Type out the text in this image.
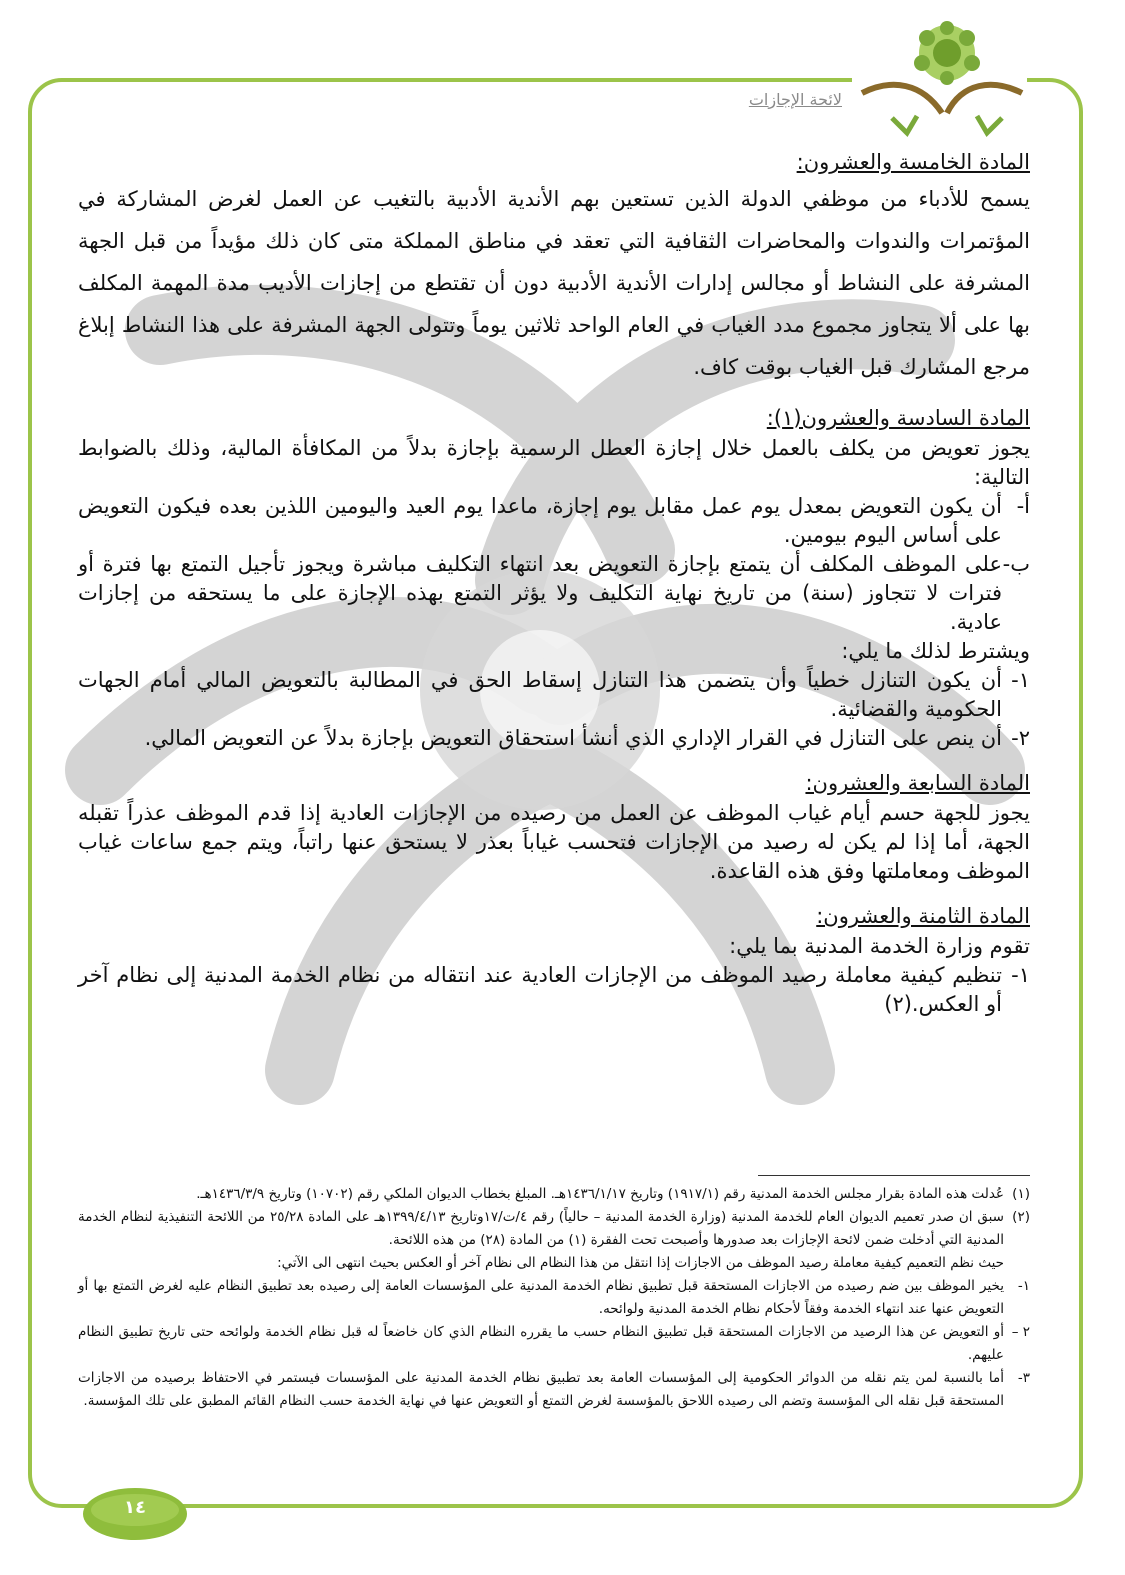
لائحة الإجازات

المادة الخامسة والعشرون:

يسمح للأدباء من موظفي الدولة الذين تستعين بهم الأندية الأدبية بالتغيب عن العمل لغرض المشاركة في المؤتمرات والندوات والمحاضرات الثقافية التي تعقد في مناطق المملكة متى كان ذلك مؤيداً من قبل الجهة المشرفة على النشاط أو مجالس إدارات الأندية الأدبية دون أن تقتطع من إجازات الأديب مدة المهمة المكلف بها على ألا يتجاوز مجموع مدد الغياب في العام الواحد ثلاثين يوماً وتتولى الجهة المشرفة على هذا النشاط إبلاغ مرجع المشارك قبل الغياب بوقت كاف.

المادة السادسة والعشرون(١):

يجوز تعويض من يكلف بالعمل خلال إجازة العطل الرسمية بإجازة بدلاً من المكافأة المالية، وذلك بالضوابط التالية:

أ-
أن يكون التعويض بمعدل يوم عمل مقابل يوم إجازة، ماعدا يوم العيد واليومين اللذين بعده فيكون التعويض على أساس اليوم بيومين.
ب-
على الموظف المكلف أن يتمتع بإجازة التعويض بعد انتهاء التكليف مباشرة ويجوز تأجيل التمتع بها فترة أو فترات لا تتجاوز (سنة) من تاريخ نهاية التكليف ولا يؤثر التمتع بهذه الإجازة على ما يستحقه من إجازات عادية.

ويشترط لذلك ما يلي:

١-
أن يكون التنازل خطياً وأن يتضمن هذا التنازل إسقاط الحق في المطالبة بالتعويض المالي أمام الجهات الحكومية والقضائية.
٢-
أن ينص على التنازل في القرار الإداري الذي أنشأ استحقاق التعويض بإجازة بدلاً عن التعويض المالي.

المادة السابعة والعشرون:

يجوز للجهة حسم أيام غياب الموظف عن العمل من رصيده من الإجازات العادية إذا قدم الموظف عذراً تقبله الجهة، أما إذا لم يكن له رصيد من الإجازات فتحسب غياباً بعذر لا يستحق عنها راتباً، ويتم جمع ساعات غياب الموظف ومعاملتها وفق هذه القاعدة.

المادة الثامنة والعشرون:

تقوم وزارة الخدمة المدنية بما يلي:

١-
تنظيم كيفية معاملة رصيد الموظف من الإجازات العادية عند انتقاله من نظام الخدمة المدنية إلى نظام آخر أو العكس.(٢)
(١)
عُدلت هذه المادة بقرار مجلس الخدمة المدنية رقم (١٩١٧/١) وتاريخ ١٤٣٦/١/١٧هـ. المبلغ بخطاب الديوان الملكي رقم (١٠٧٠٢) وتاريخ ١٤٣٦/٣/٩هـ.
(٢)
سبق ان صدر تعميم الديوان العام للخدمة المدنية (وزارة الخدمة المدنية – حالياً) رقم ٤/ت/١٧وتاريخ ١٣٩٩/٤/١٣هـ على المادة ٢٥/٢٨ من اللائحة التنفيذية لنظام الخدمة المدنية التي أدخلت ضمن لائحة الإجازات بعد صدورها وأصبحت تحت الفقرة (١) من المادة (٢٨) من هذه اللائحة.
حيث نظم التعميم كيفية معاملة رصيد الموظف من الاجازات إذا انتقل من هذا النظام الى نظام آخر أو العكس بحيث انتهى الى الآتي:
١-
يخير الموظف بين ضم رصيده من الاجازات المستحقة قبل تطبيق نظام الخدمة المدنية على المؤسسات العامة إلى رصيده بعد تطبيق النظام عليه لغرض التمتع بها أو التعويض عنها عند انتهاء الخدمة وفقاً لأحكام نظام الخدمة المدنية ولوائحه.
٢ –
أو التعويض عن هذا الرصيد من الاجازات المستحقة قبل تطبيق النظام حسب ما يقرره النظام الذي كان خاضعاً له قبل نظام الخدمة ولوائحه حتى تاريخ تطبيق النظام عليهم.
٣-
أما بالنسبة لمن يتم نقله من الدوائر الحكومية إلى المؤسسات العامة بعد تطبيق نظام الخدمة المدنية على المؤسسات فيستمر في الاحتفاظ برصيده من الاجازات المستحقة قبل نقله الى المؤسسة وتضم الى رصيده اللاحق بالمؤسسة لغرض التمتع أو التعويض عنها في نهاية الخدمة حسب النظام القائم المطبق على تلك المؤسسة.
١٤
